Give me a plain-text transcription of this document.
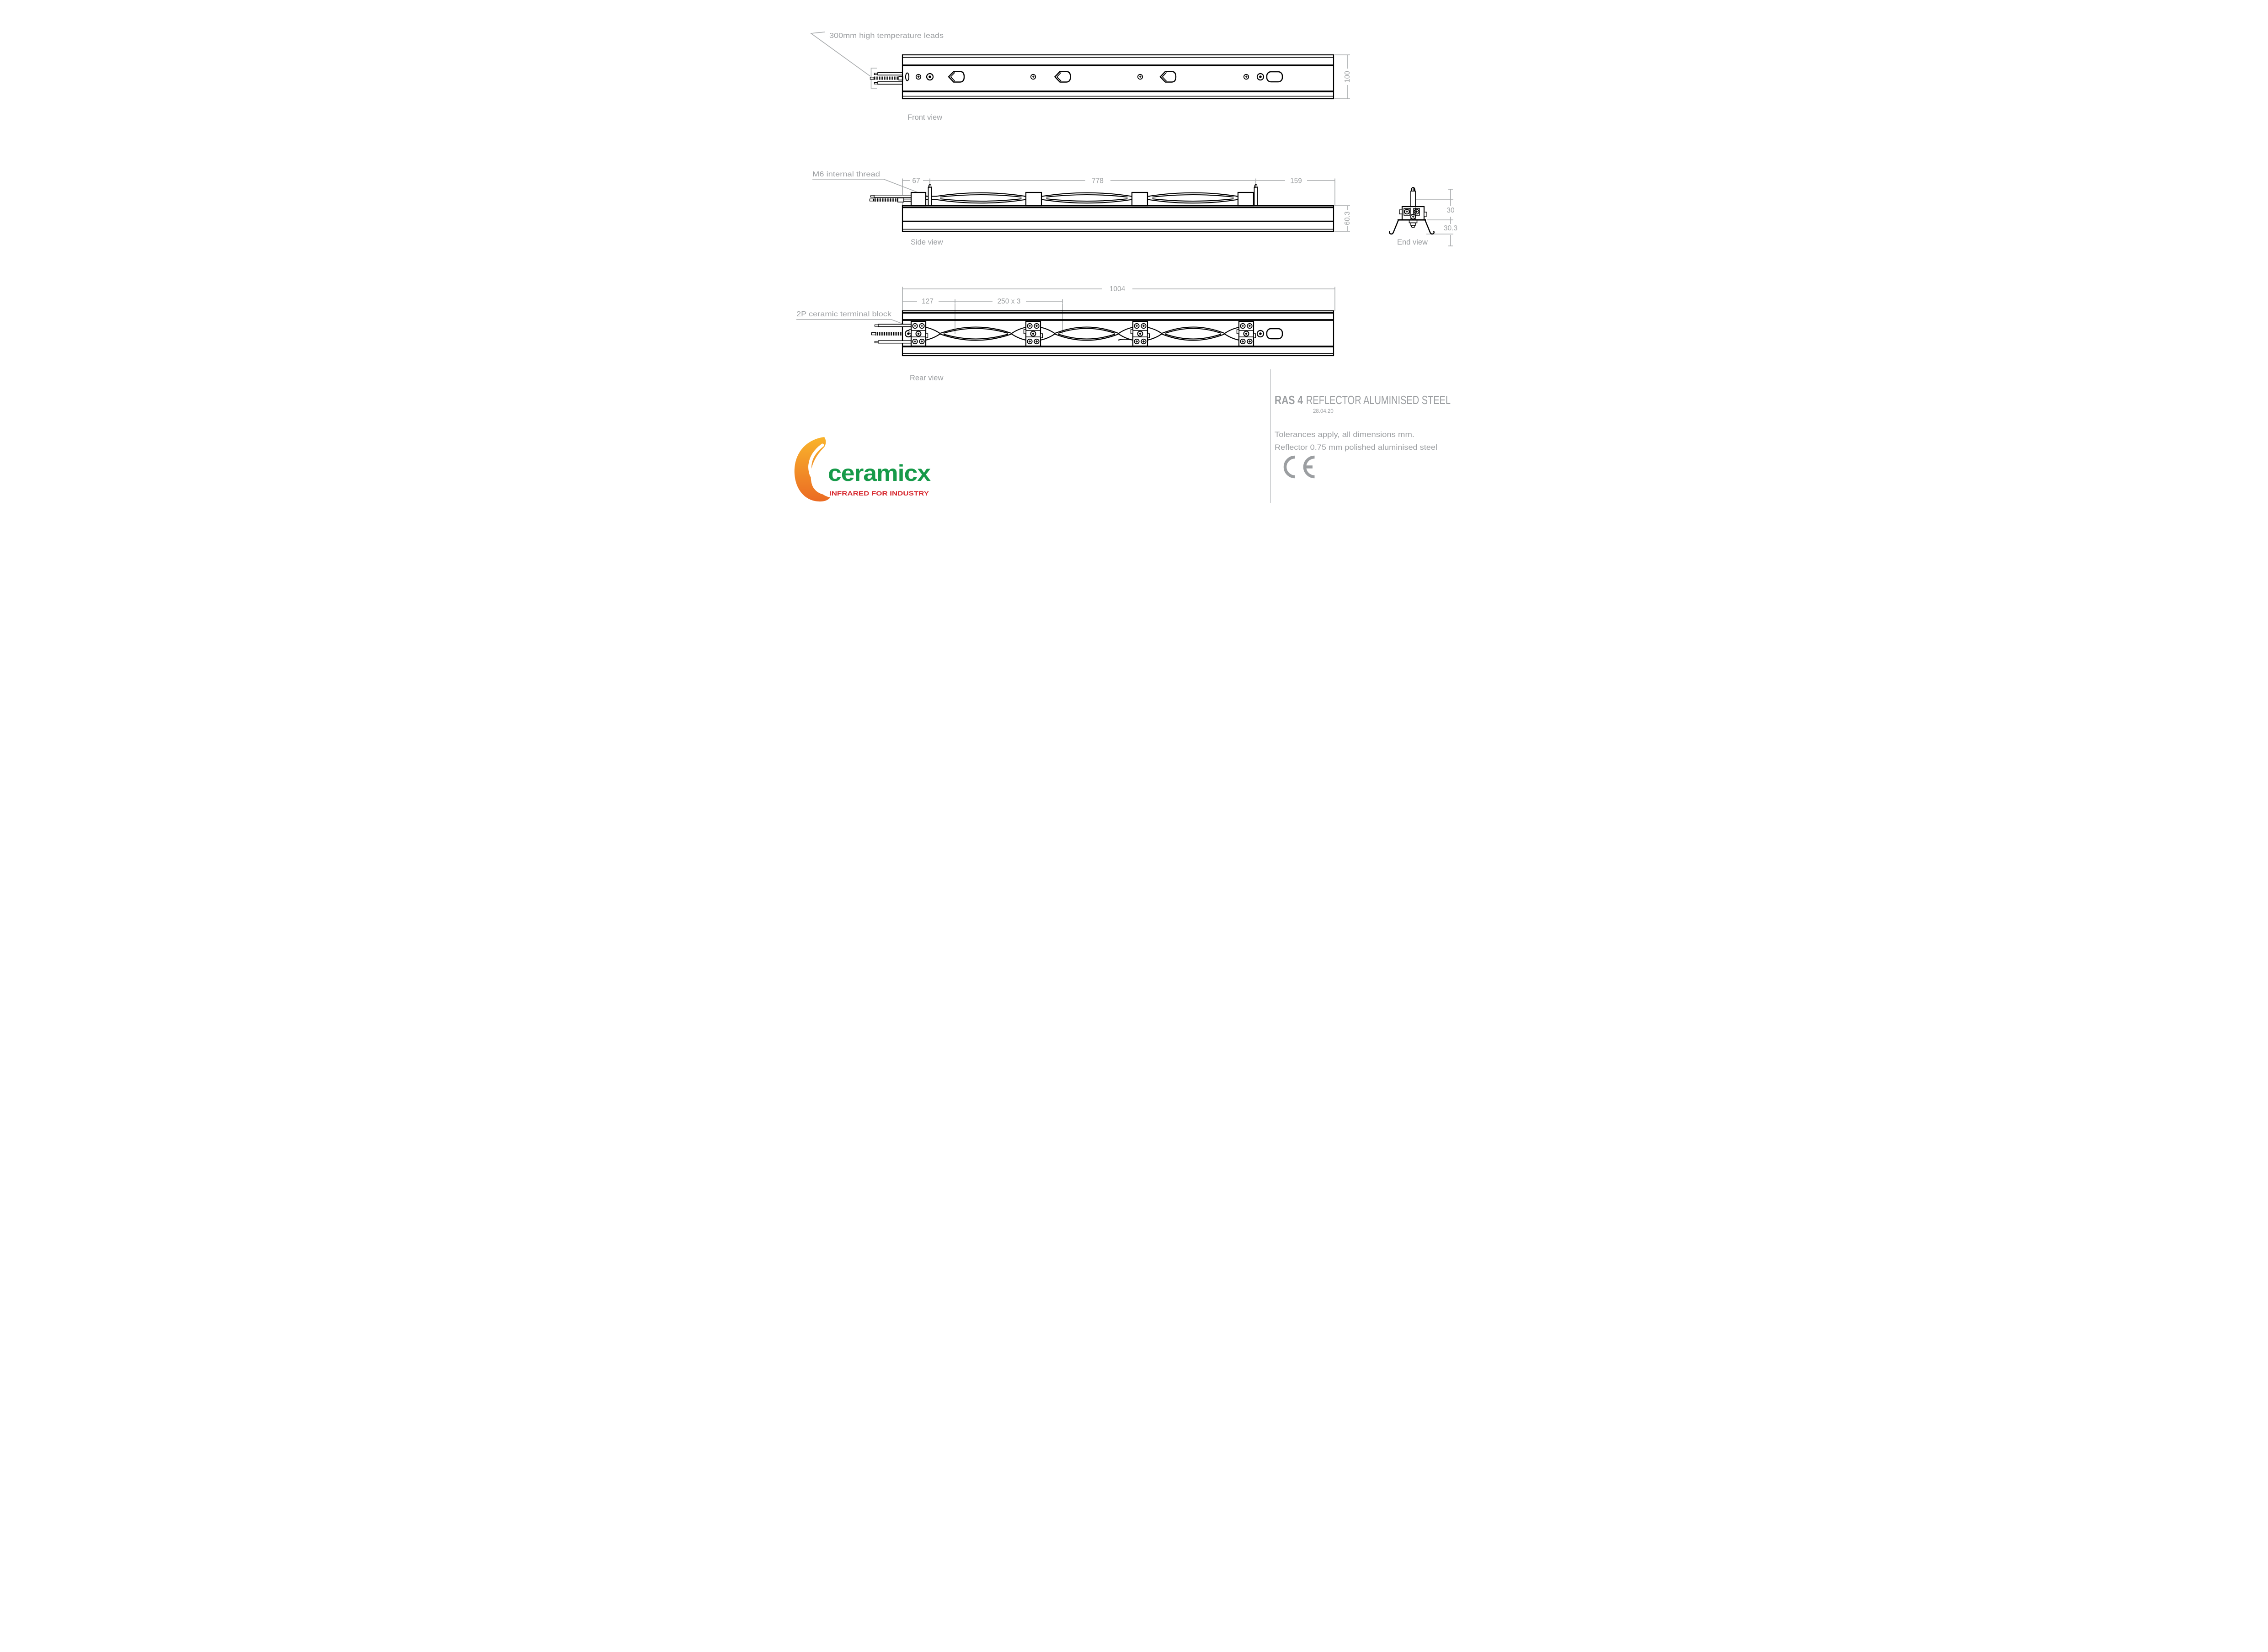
300mm high temperature leads
100
Front view
M6 internal thread
67	778	159
60.3
Side view
30
30.3
End view
2P ceramic terminal block
1004
127	250 x 3
Rear view
RAS 4 REFLECTOR ALUMINISED STEEL
28.04.20
Tolerances apply, all dimensions mm.
Reflector 0.75 mm polished aluminised steel
ceramicx
INFRARED FOR INDUSTRY
